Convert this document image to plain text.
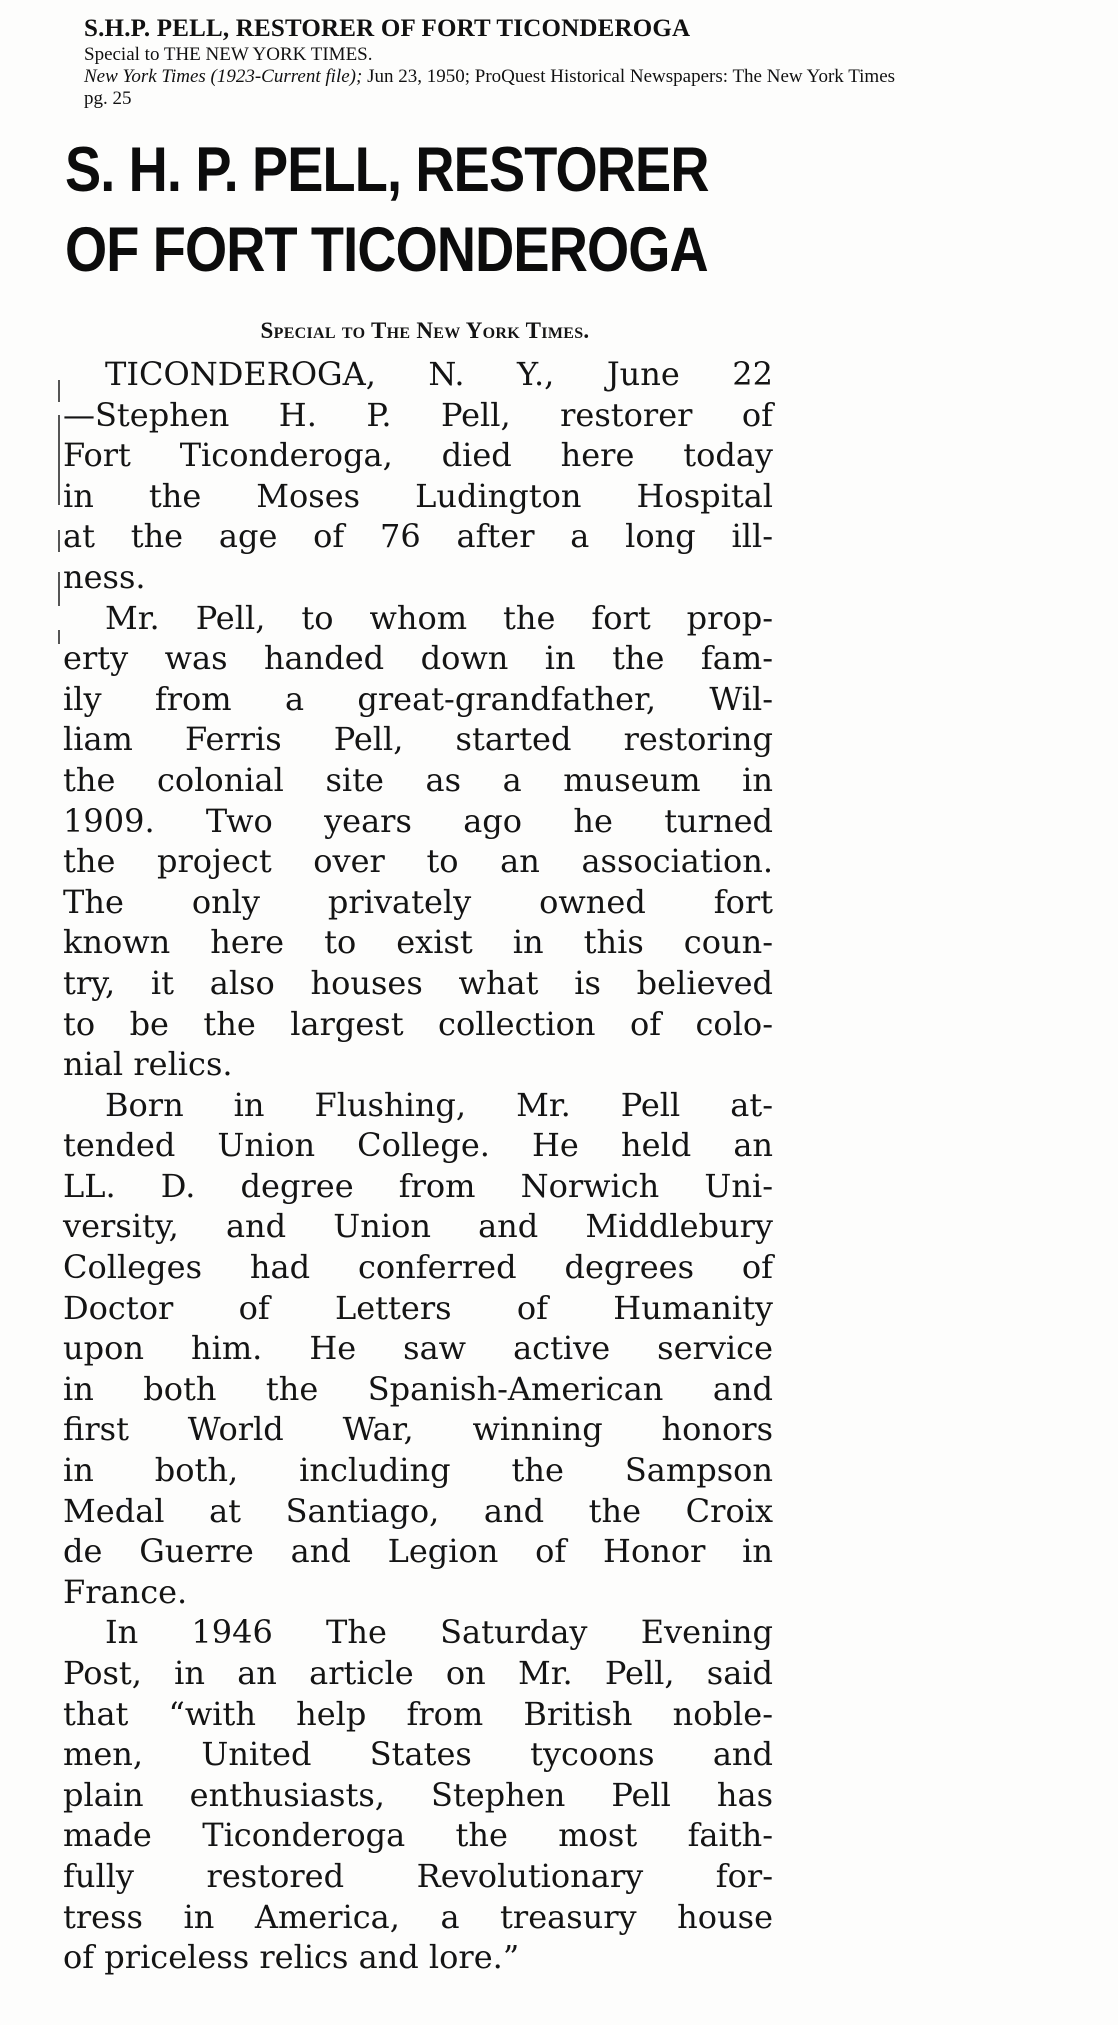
S.H.P. PELL, RESTORER OF FORT TICONDEROGA
Special to THE NEW YORK TIMES.
New York Times (1923-Current file); Jun 23, 1950; ProQuest Historical Newspapers: The New York Times
pg. 25
S. H. P. PELL, RESTORER
OF FORT TICONDEROGA
Special to The New York Times.
TICONDEROGA, N. Y., June 22
—Stephen H. P. Pell, restorer of
Fort Ticonderoga, died here today
in the Moses Ludington Hospital
at the age of 76 after a long ill-
ness.
Mr. Pell, to whom the fort prop-
erty was handed down in the fam-
ily from a great-grandfather, Wil-
liam Ferris Pell, started restoring
the colonial site as a museum in
1909. Two years ago he turned
the project over to an association.
The only privately owned fort
known here to exist in this coun-
try, it also houses what is believed
to be the largest collection of colo-
nial relics.
Born in Flushing, Mr. Pell at-
tended Union College. He held an
LL. D. degree from Norwich Uni-
versity, and Union and Middlebury
Colleges had conferred degrees of
Doctor of Letters of Humanity
upon him. He saw active service
in both the Spanish-American and
first World War, winning honors
in both, including the Sampson
Medal at Santiago, and the Croix
de Guerre and Legion of Honor in
France.
In 1946 The Saturday Evening
Post, in an article on Mr. Pell, said
that “with help from British noble-
men, United States tycoons and
plain enthusiasts, Stephen Pell has
made Ticonderoga the most faith-
fully restored Revolutionary for-
tress in America, a treasury house
of priceless relics and lore.”
